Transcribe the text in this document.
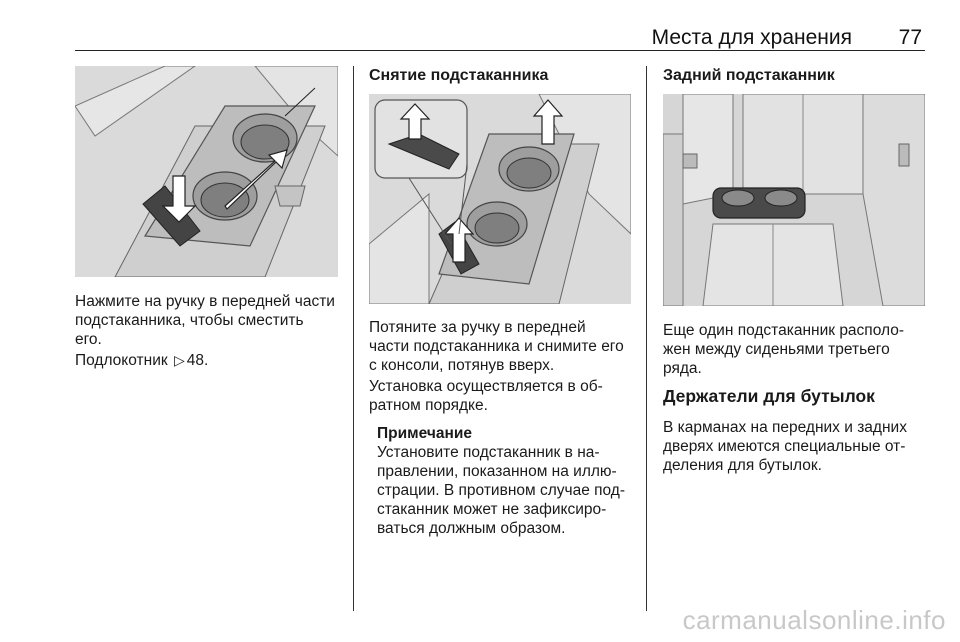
Места для хранения 77

Нажмите на ручку в передней части

подстаканника, чтобы сместить

его.

Подлокотник ▷ 48.

Снятие подстаканника

Потяните за ручку в передней

части подстаканника и снимите его

с консоли, потянув вверх.

Установка осуществляется в об-

ратном порядке.

Примечание

Установите подстаканник в на-

правлении, показанном на иллю-

страции. В противном случае под-

стаканник может не зафиксиро-

ваться должным образом.

Задний подстаканник

Еще один подстаканник располо-

жен между сиденьями третьего

ряда.

Держатели для бутылок

В карманах на передних и задних

дверях имеются специальные от-

деления для бутылок.

carmanualsonline.info
